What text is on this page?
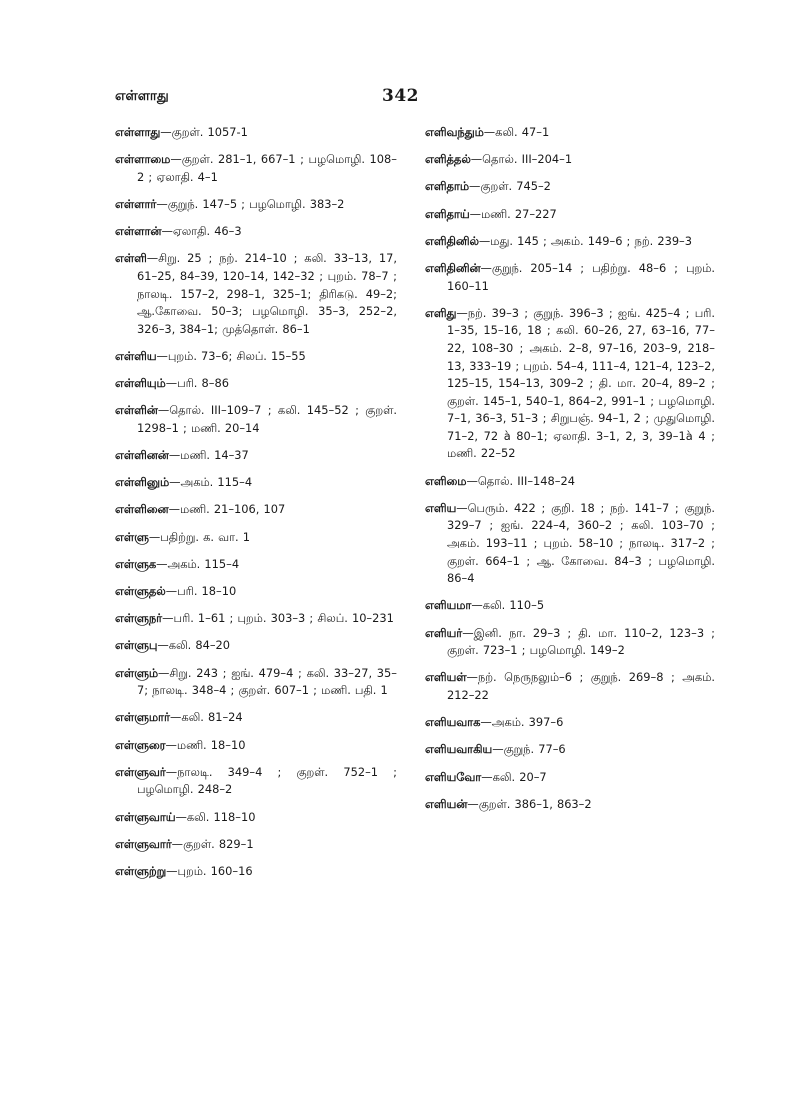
எள்ளாது	342
எள்ளாது—குறள். 1057-1
எள்ளாமை—குறள். 281–1, 667–1 ; பழமொழி. 108–2 ; ஏலாதி. 4–1
எள்ளார்—குறுந். 147–5 ; பழமொழி. 383–2
எள்ளான்—ஏலாதி. 46–3
எள்ளி—சிறு. 25 ; நற். 214–10 ; கலி. 33–13, 17, 61–25, 84–39, 120–14, 142–32 ; புறம். 78–7 ; நாலடி. 157–2, 298–1, 325–1; திரிகடு. 49–2; ஆ.கோவை. 50–3; பழமொழி. 35–3, 252–2, 326–3, 384–1; முத்தொள். 86–1
எள்ளிய—புறம். 73–6; சிலப். 15–55
எள்ளியும்—பரி. 8–86
எள்ளின்—தொல். III–109–7 ; கலி. 145–52 ; குறள். 1298–1 ; மணி. 20–14
எள்ளினன்—மணி. 14–37
எள்ளினும்—அகம். 115–4
எள்ளினை—மணி. 21–106, 107
எள்ளு—பதிற்று. க. வா. 1
எள்ளுக—அகம். 115–4
எள்ளுதல்—பரி. 18–10
எள்ளுநர்—பரி. 1–61 ; புறம். 303–3 ; சிலப். 10–231
எள்ளுபு—கலி. 84–20
எள்ளும்—சிறு. 243 ; ஐங். 479–4 ; கலி. 33–27, 35–7; நாலடி. 348–4 ; குறள். 607–1 ; மணி. பதி. 1
எள்ளுமார்—கலி. 81–24
எள்ளுரை—மணி. 18–10
எள்ளுவர்—நாலடி. 349–4 ; குறள். 752–1 ; பழமொழி. 248–2
எள்ளுவாய்—கலி. 118–10
எள்ளுவார்—குறள். 829–1
எள்ளுற்று—புறம். 160–16
எளிவந்தும்—கலி. 47–1
எளித்தல்—தொல். III–204–1
எளிதாம்—குறள். 745–2
எளிதாய்—மணி. 27–227
எளிதினில்—மது. 145 ; அகம். 149–6 ; நற். 239–3
எளிதினின்—குறுந். 205–14 ; பதிற்று. 48–6 ; புறம். 160–11
எளிது—நற். 39–3 ; குறுந். 396–3 ; ஐங். 425–4 ; பரி. 1–35, 15–16, 18 ; கலி. 60–26, 27, 63–16, 77–22, 108–30 ; அகம். 2–8, 97–16, 203–9, 218–13, 333–19 ; புறம். 54–4, 111–4, 121–4, 123–2, 125–15, 154–13, 309–2 ; தி. மா. 20–4, 89–2 ; குறள். 145–1, 540–1, 864–2, 991–1 ; பழமொழி. 7–1, 36–3, 51–3 ; சிறுபஞ். 94–1, 2 ; முதுமொழி. 71–2, 72 à 80–1; ஏலாதி. 3–1, 2, 3, 39–1à 4 ; மணி. 22–52
எளிமை—தொல். III–148–24
எளிய—பெரும். 422 ; குறி. 18 ; நற். 141–7 ; குறுந். 329–7 ; ஐங். 224–4, 360–2 ; கலி. 103–70 ; அகம். 193–11 ; புறம். 58–10 ; நாலடி. 317–2 ; குறள். 664–1 ; ஆ. கோவை. 84–3 ; பழமொழி. 86–4
எளியமா—கலி. 110–5
எளியர்—இனி. நா. 29–3 ; தி. மா. 110–2, 123–3 ; குறள். 723–1 ; பழமொழி. 149–2
எளியள்—நற். நெருநலும்–6 ; குறுந். 269–8 ; அகம். 212–22
எளியவாக—அகம். 397–6
எளியவாகிய—குறுந். 77–6
எளியவோ—கலி. 20–7
எளியன்—குறள். 386–1, 863–2
